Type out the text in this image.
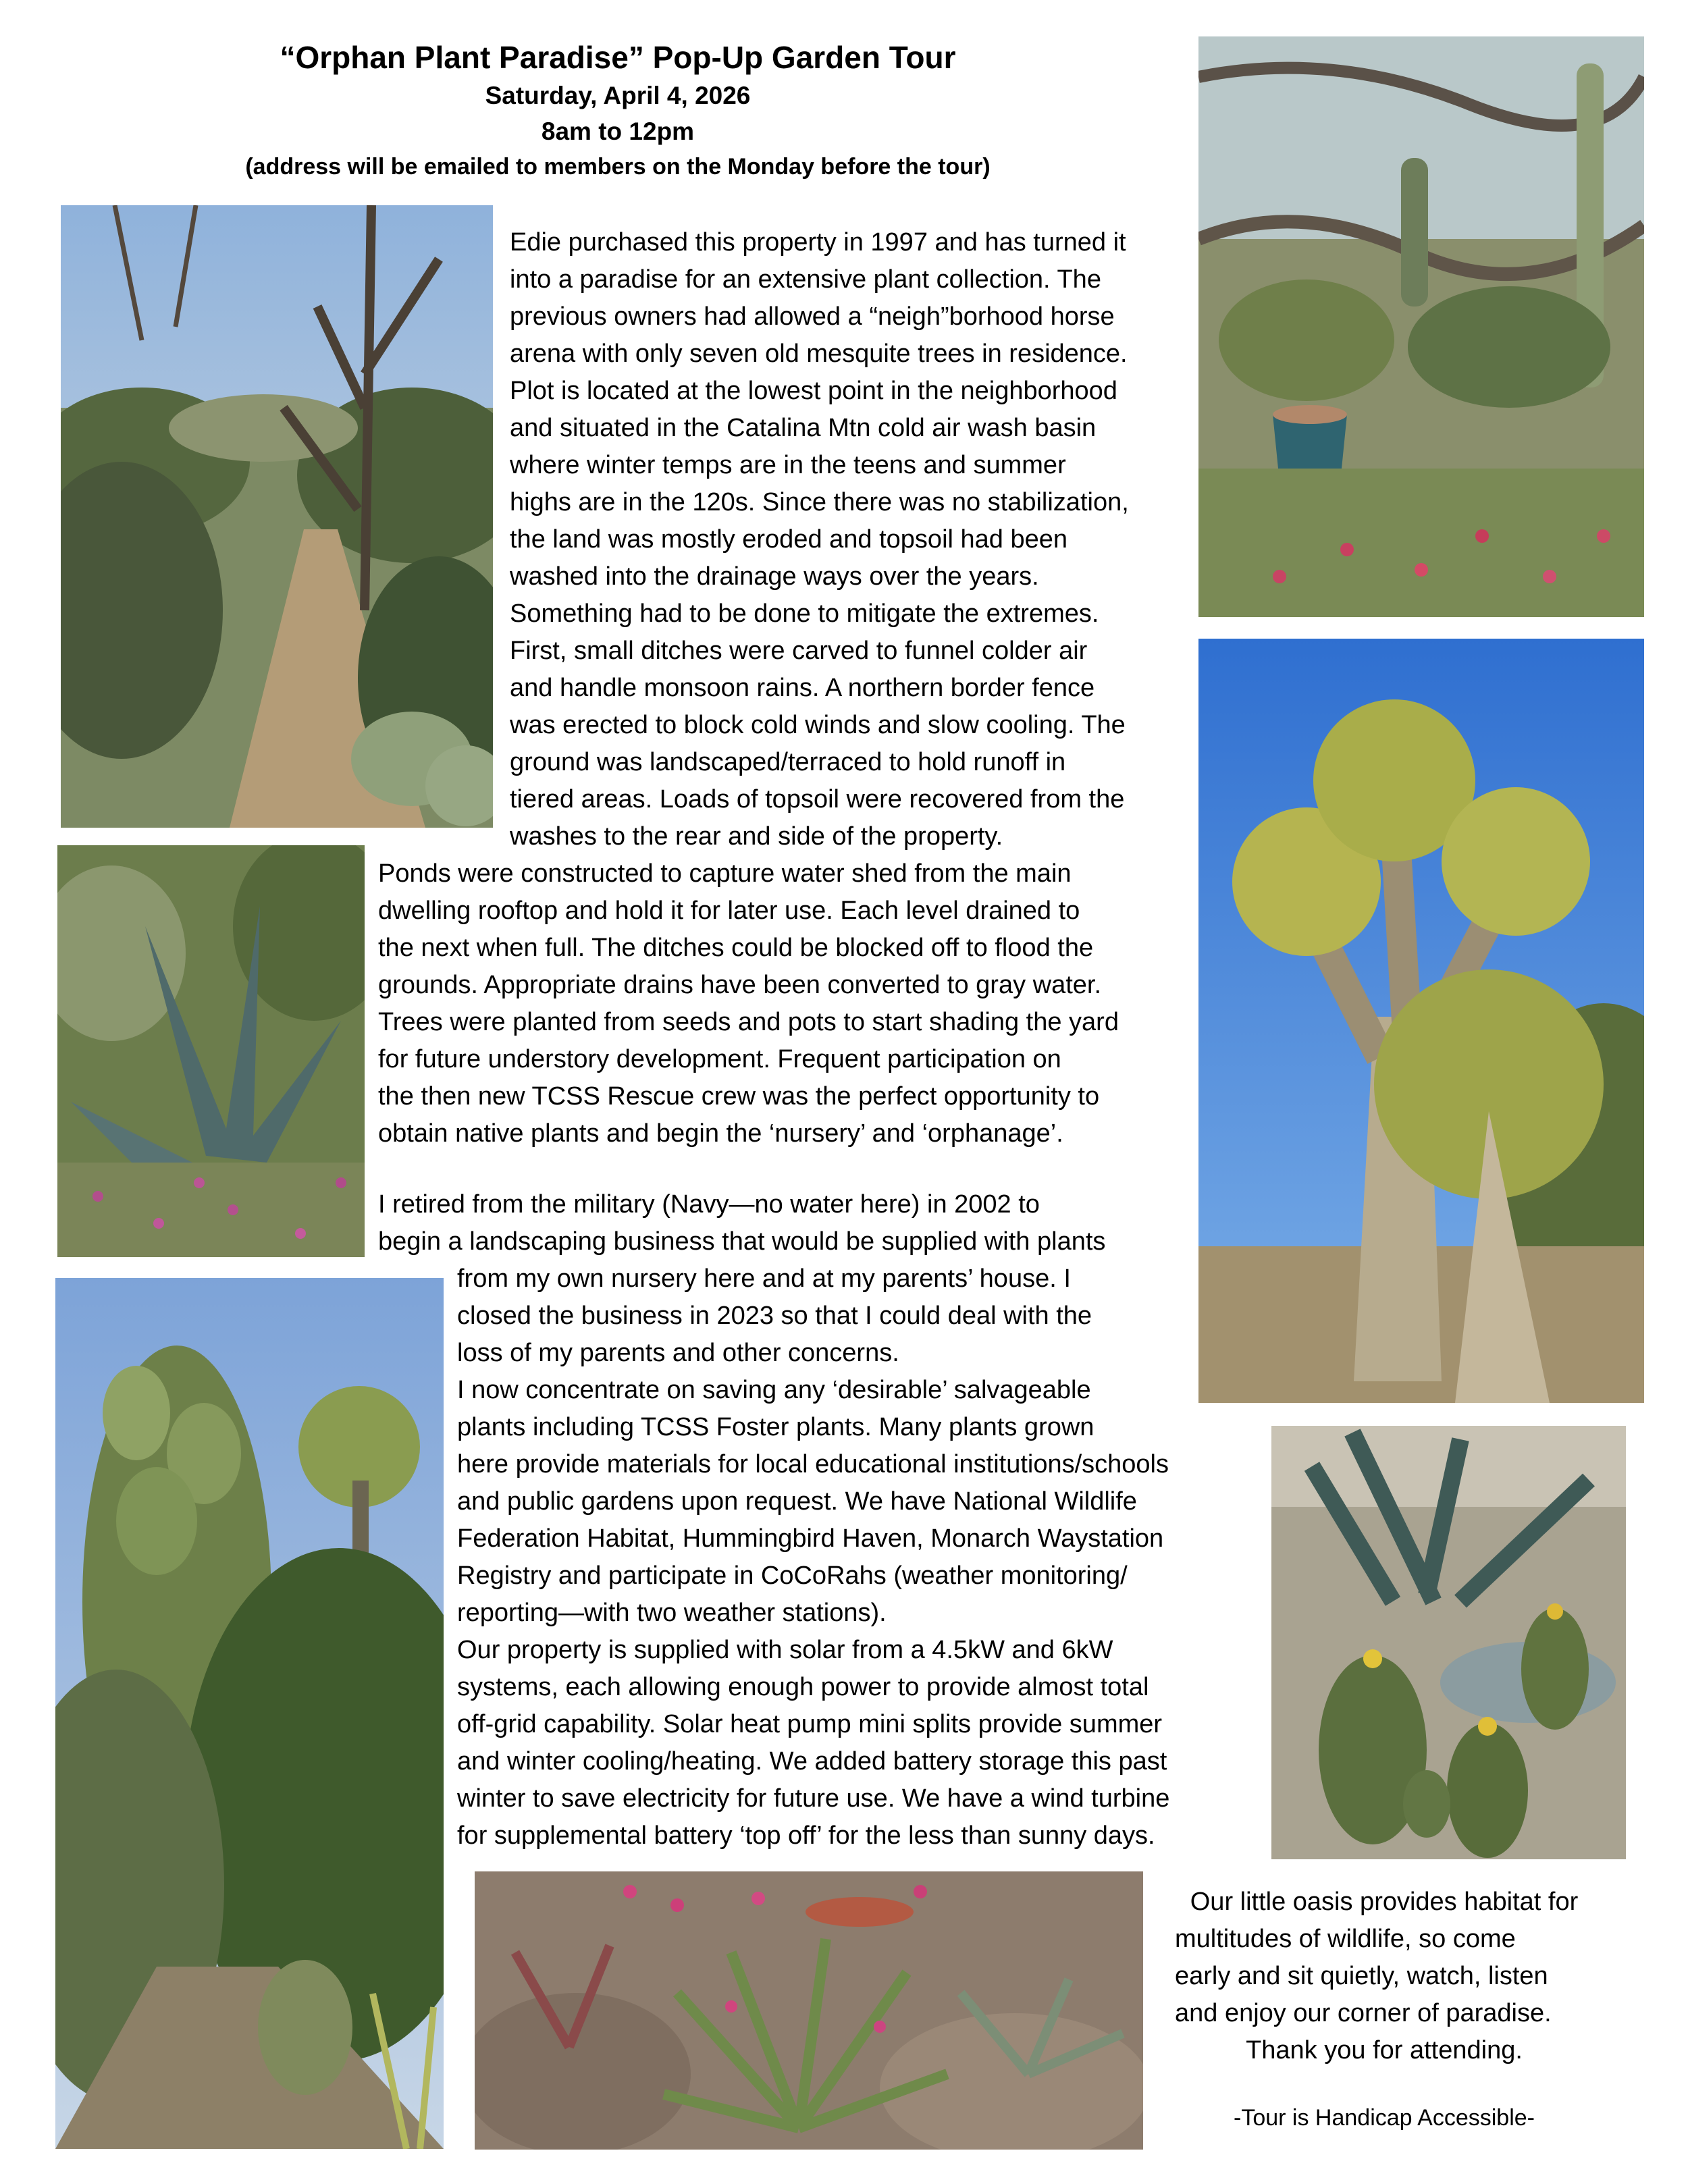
“Orphan Plant Paradise” Pop-Up Garden Tour
Saturday, April 4, 2026
8am to 12pm
(address will be emailed to members on the Monday before the tour)
Edie purchased this property in 1997 and has turned it
into a paradise for an extensive plant collection. The
previous owners had allowed a “neigh”borhood horse
arena with only seven old mesquite trees in residence.
Plot is located at the lowest point in the neighborhood
and situated in the Catalina Mtn cold air wash basin
where winter temps are in the teens and summer
highs are in the 120s. Since there was no stabilization,
the land was mostly eroded and topsoil had been
washed into the drainage ways over the years.
Something had to be done to mitigate the extremes.
First, small ditches were carved to funnel colder air
and handle monsoon rains. A northern border fence
was erected to block cold winds and slow cooling. The
ground was landscaped/terraced to hold runoff in
tiered areas. Loads of topsoil were recovered from the
washes to the rear and side of the property.
Ponds were constructed to capture water shed from the main
dwelling rooftop and hold it for later use. Each level drained to
the next when full. The ditches could be blocked off to flood the
grounds. Appropriate drains have been converted to gray water.
Trees were planted from seeds and pots to start shading the yard
for future understory development. Frequent participation on
the then new TCSS Rescue crew was the perfect opportunity to
obtain native plants and begin the ‘nursery’ and ‘orphanage’.
I retired from the military (Navy—no water here) in 2002 to
begin a landscaping business that would be supplied with plants
from my own nursery here and at my parents’ house. I
closed the business in 2023 so that I could deal with the
loss of my parents and other concerns.
I now concentrate on saving any ‘desirable’ salvageable
plants including TCSS Foster plants. Many plants grown
here provide materials for local educational institutions/schools
and public gardens upon request. We have National Wildlife
Federation Habitat, Hummingbird Haven, Monarch Waystation
Registry and participate in CoCoRahs (weather monitoring/
reporting—with two weather stations).
Our property is supplied with solar from a 4.5kW and 6kW
systems, each allowing enough power to provide almost total
off-grid capability. Solar heat pump mini splits provide summer
and winter cooling/heating. We added battery storage this past
winter to save electricity for future use. We have a wind turbine
for supplemental battery ‘top off’ for the less than sunny days.
Our little oasis provides habitat for
multitudes of wildlife, so come
early and sit quietly, watch, listen
and enjoy our corner of paradise.
Thank you for attending.
-Tour is Handicap Accessible-
